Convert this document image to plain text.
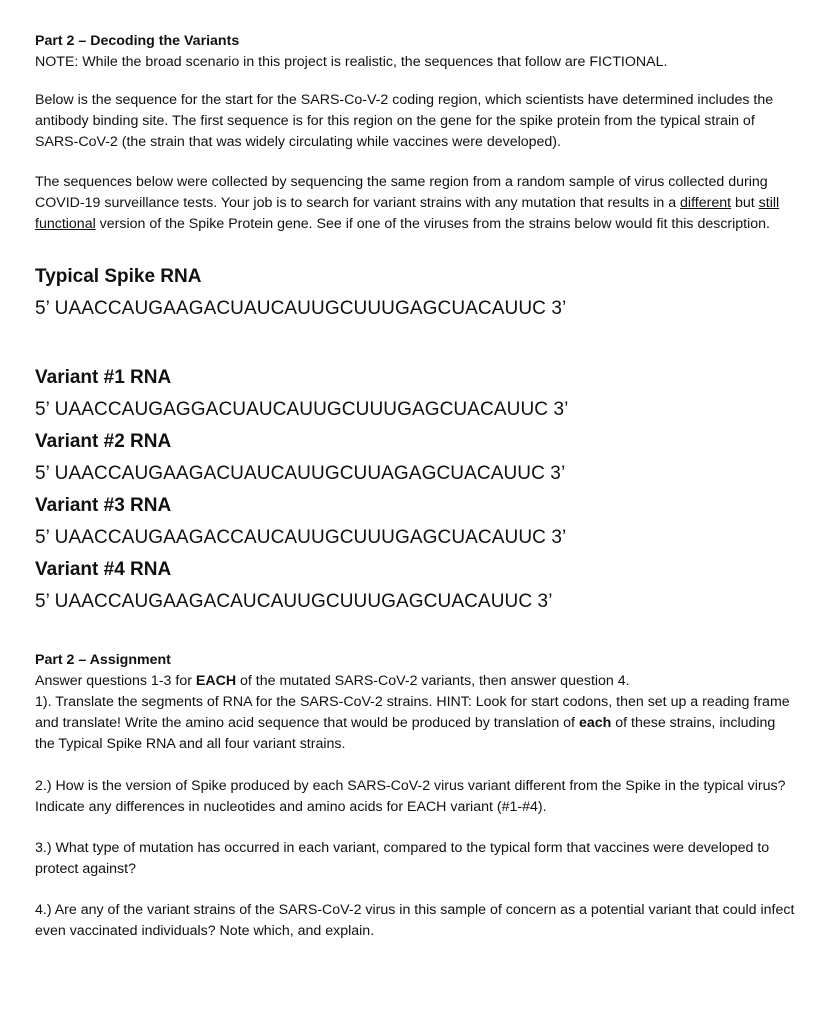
Part 2 – Decoding the Variants

NOTE: While the broad scenario in this project is realistic, the sequences that follow are FICTIONAL.

Below is the sequence for the start for the SARS-Co-V-2 coding region, which scientists have determined includes the antibody binding site. The first sequence is for this region on the gene for the spike protein from the typical strain of SARS-CoV-2 (the strain that was widely circulating while vaccines were developed).

The sequences below were collected by sequencing the same region from a random sample of virus collected during COVID-19 surveillance tests. Your job is to search for variant strains with any mutation that results in a different but still functional version of the Spike Protein gene. See if one of the viruses from the strains below would fit this description.

Typical Spike RNA

5’ UAACCAUGAAGACUAUCAUUGCUUUGAGCUACAUUC 3’

Variant #1 RNA

5’ UAACCAUGAGGACUAUCAUUGCUUUGAGCUACAUUC 3’

Variant #2 RNA

5’ UAACCAUGAAGACUAUCAUUGCUUAGAGCUACAUUC 3’

Variant #3 RNA

5’ UAACCAUGAAGACCAUCAUUGCUUUGAGCUACAUUC 3’

Variant #4 RNA

5’ UAACCAUGAAGACAUCAUUGCUUUGAGCUACAUUC 3’

Part 2 – Assignment

Answer questions 1-3 for EACH of the mutated SARS-CoV-2 variants, then answer question 4.

1). Translate the segments of RNA for the SARS-CoV-2 strains. HINT: Look for start codons, then set up a reading frame and translate! Write the amino acid sequence that would be produced by translation of each of these strains, including the Typical Spike RNA and all four variant strains.

2.) How is the version of Spike produced by each SARS-CoV-2 virus variant different from the Spike in the typical virus? Indicate any differences in nucleotides and amino acids for EACH variant (#1-#4).

3.) What type of mutation has occurred in each variant, compared to the typical form that vaccines were developed to protect against?

4.) Are any of the variant strains of the SARS-CoV-2 virus in this sample of concern as a potential variant that could infect even vaccinated individuals? Note which, and explain.
